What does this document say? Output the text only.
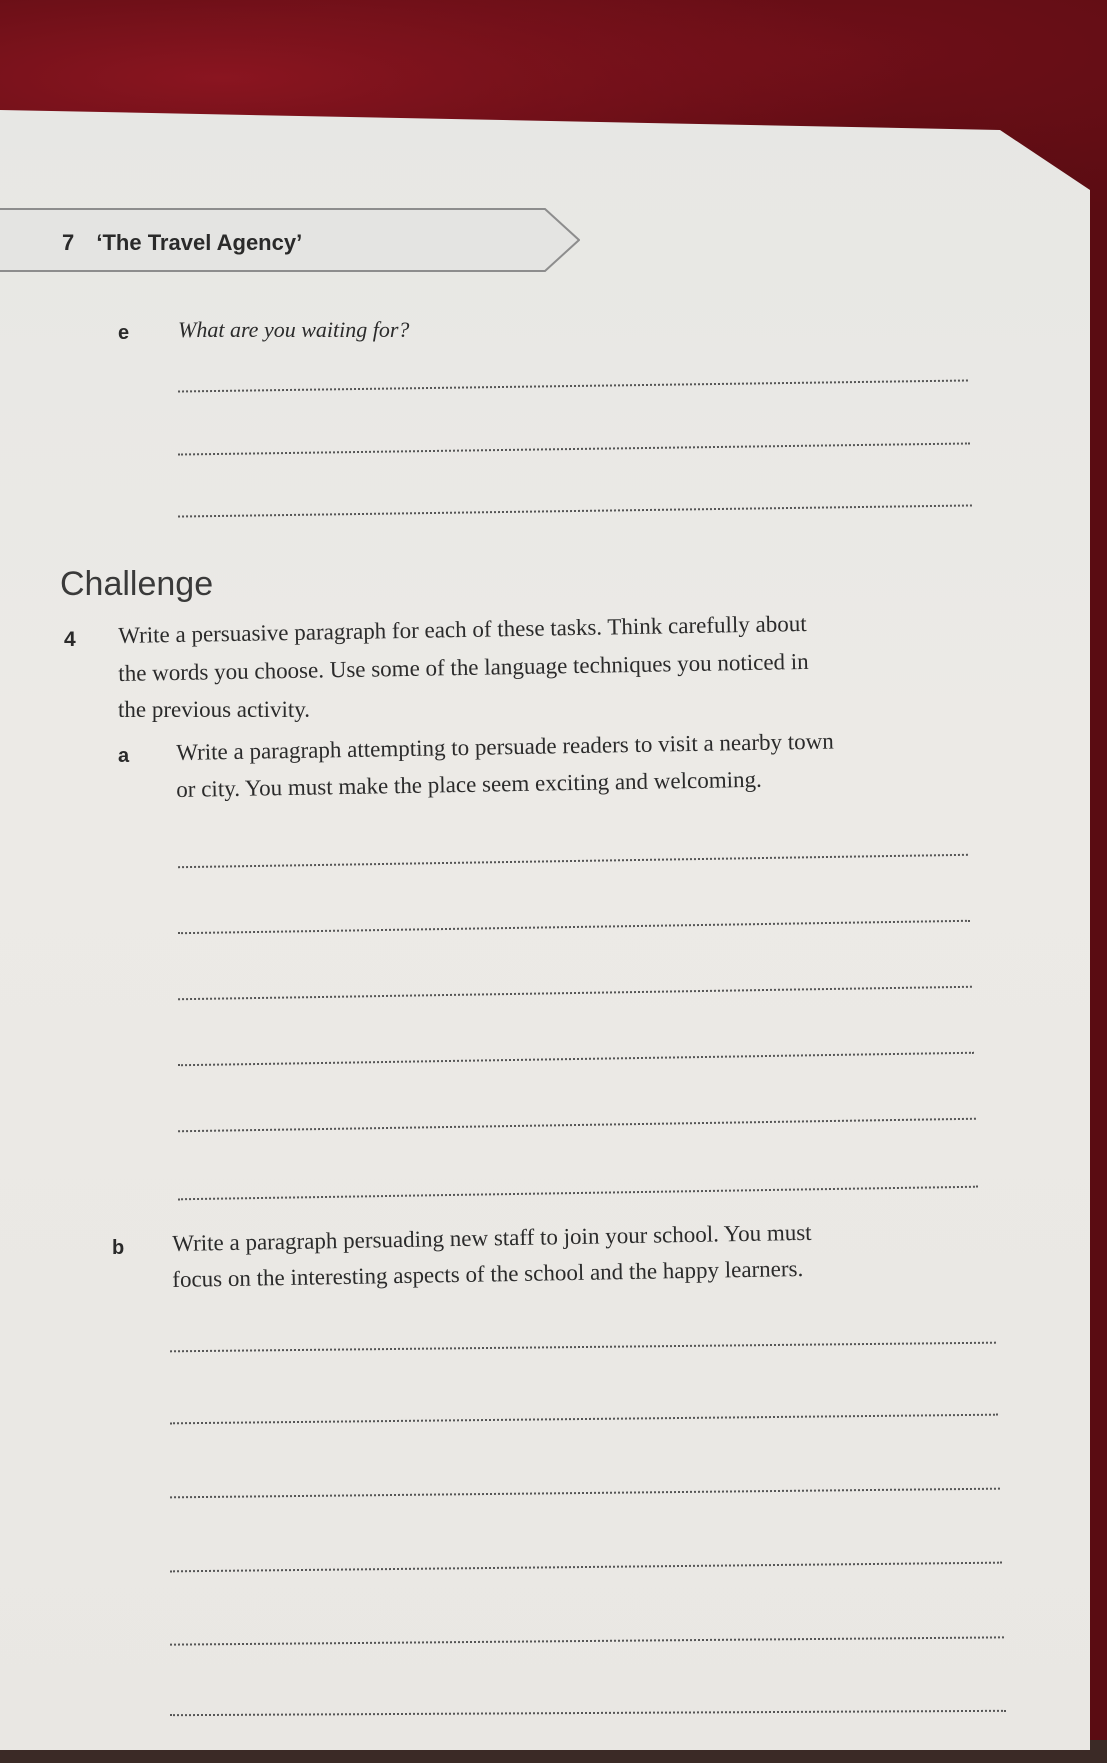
7 ‘The Travel Agency’
e What are you waiting for?
Challenge
4 Write a persuasive paragraph for each of these tasks. Think carefully about
the words you choose. Use some of the language techniques you noticed in
the previous activity.
a Write a paragraph attempting to persuade readers to visit a nearby town
or city. You must make the place seem exciting and welcoming.
b Write a paragraph persuading new staff to join your school. You must
focus on the interesting aspects of the school and the happy learners.
